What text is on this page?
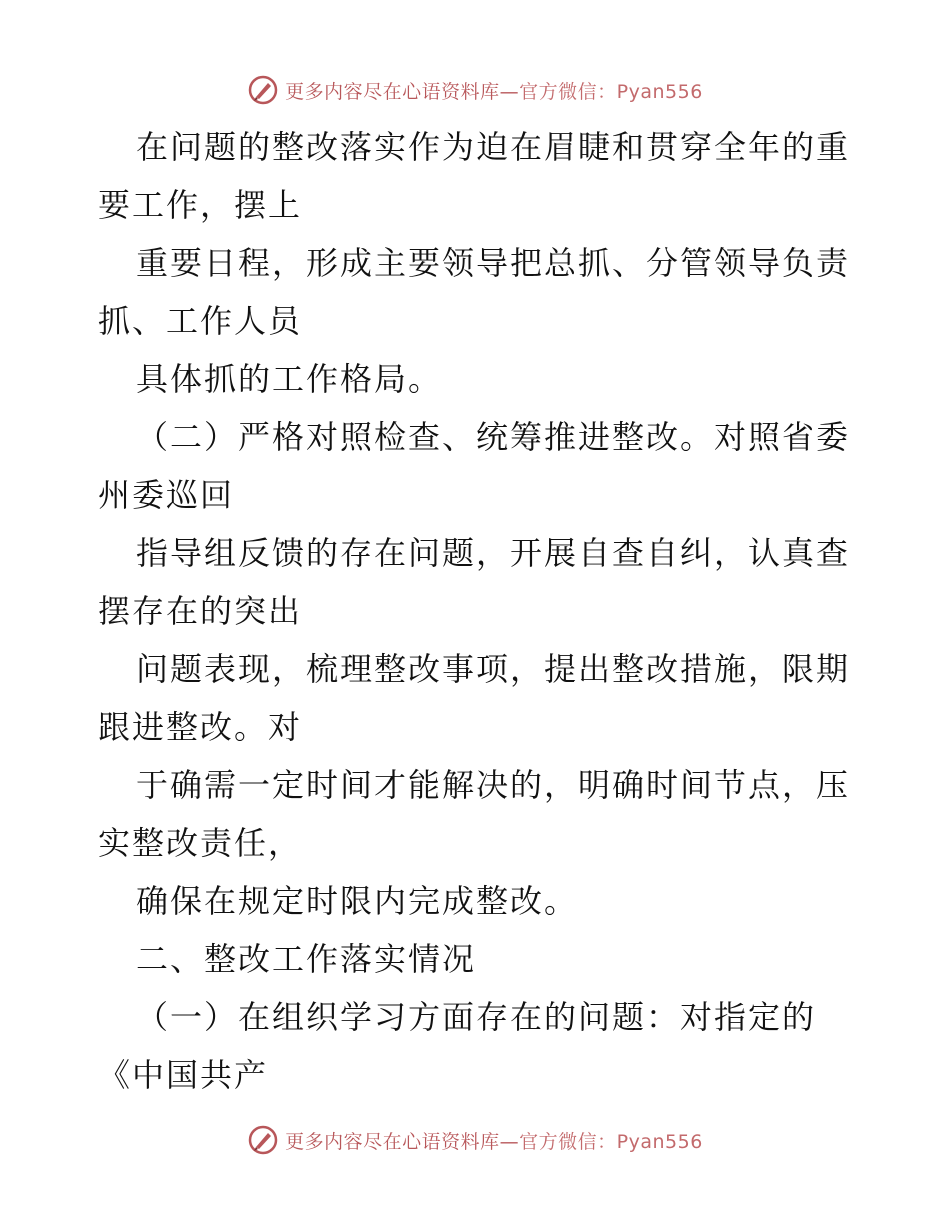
更多内容尽在心语资料库— 官方微信：Pyan556
在问题的整改落实作为迫在眉睫和贯穿全年的重
要工作，摆上
重要日程，形成主要领导把总抓、分管领导负责
抓、工作人员
具体抓的工作格局。
（二）严格对照检查、统筹推进整改。对照省委
州委巡回
指导组反馈的存在问题，开展自查自纠，认真查
摆存在的突出
问题表现，梳理整改事项，提出整改措施，限期
跟进整改。对
于确需一定时间才能解决的，明确时间节点，压
实整改责任，
确保在规定时限内完成整改。
二、整改工作落实情况
（一）在组织学习方面存在的问题：对指定的
《中国共产
更多内容尽在心语资料库— 官方微信：Pyan556
